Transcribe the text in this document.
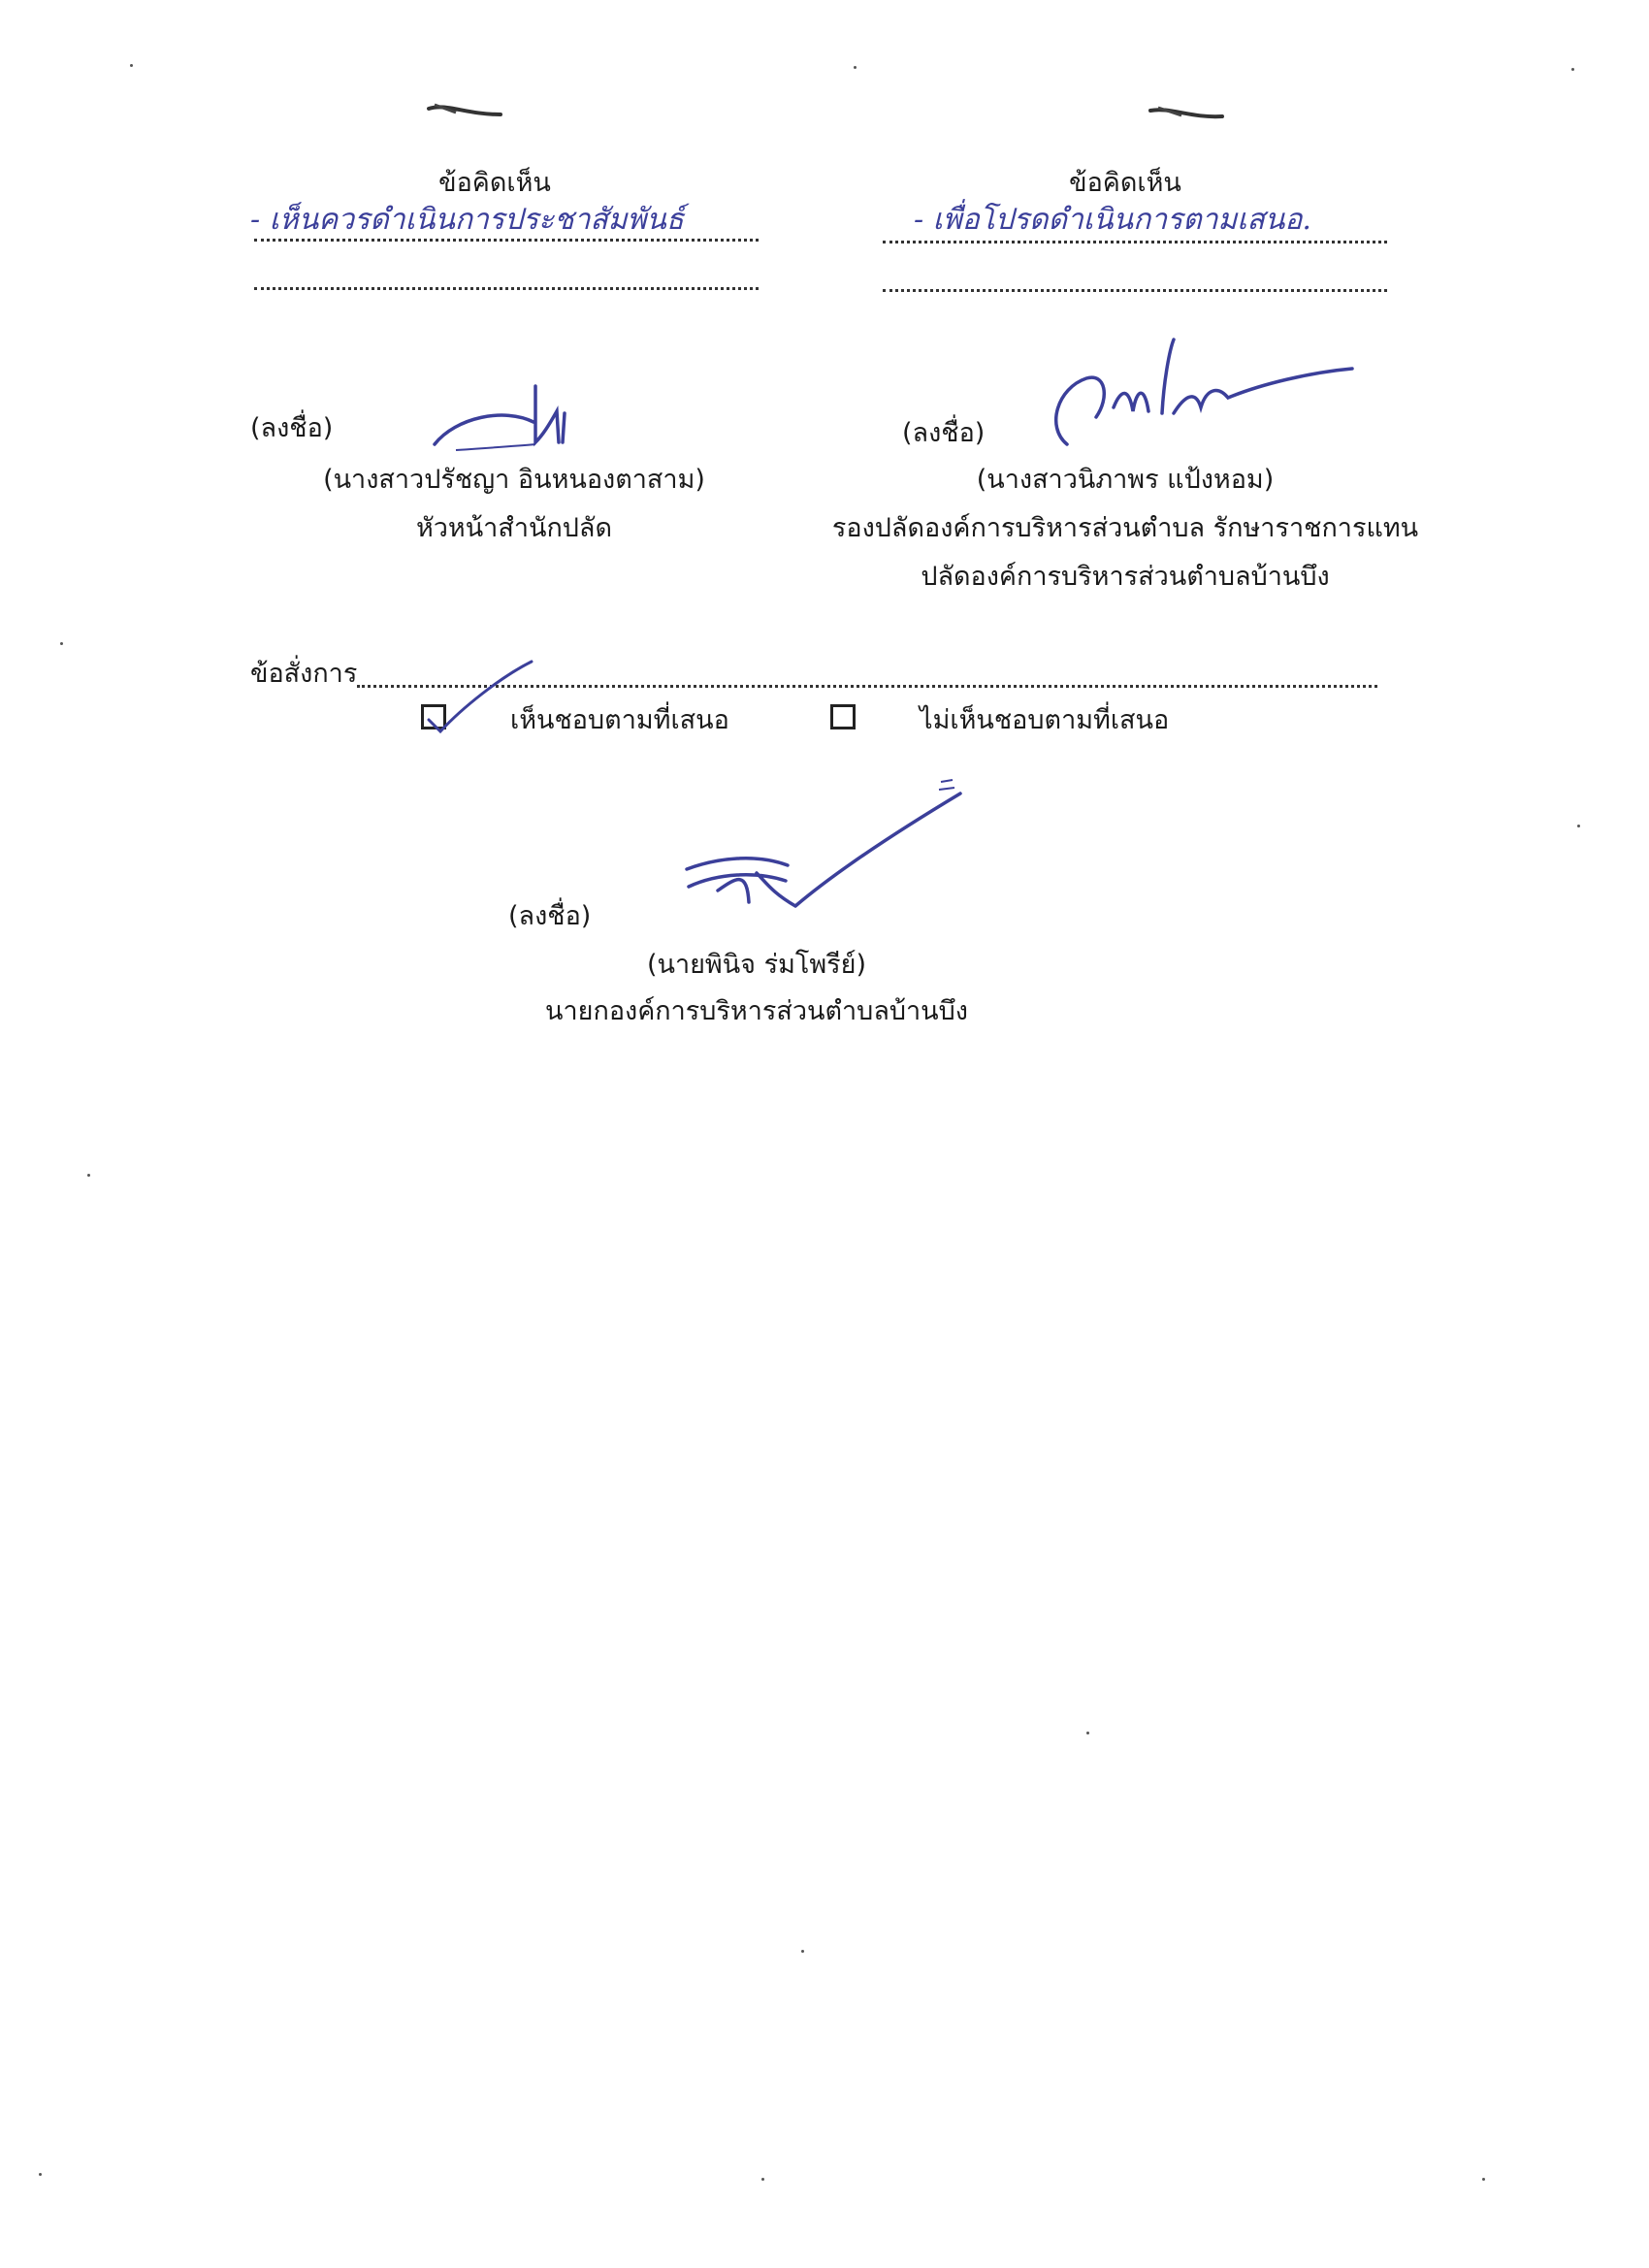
ข้อคิดเห็น
- เห็นควรดำเนินการประชาสัมพันธ์
ข้อคิดเห็น
- เพื่อโปรดดำเนินการตามเสนอ.
(ลงชื่อ)
(นางสาวปรัชญา อินหนองตาสาม)
หัวหน้าสำนักปลัด
(ลงชื่อ)
(นางสาวนิภาพร แป้งหอม)
รองปลัดองค์การบริหารส่วนตำบล รักษาราชการแทน
ปลัดองค์การบริหารส่วนตำบลบ้านบึง
ข้อสั่งการ
เห็นชอบตามที่เสนอ	ไม่เห็นชอบตามที่เสนอ
(ลงชื่อ)
(นายพินิจ ร่มโพรีย์)
นายกองค์การบริหารส่วนตำบลบ้านบึง
